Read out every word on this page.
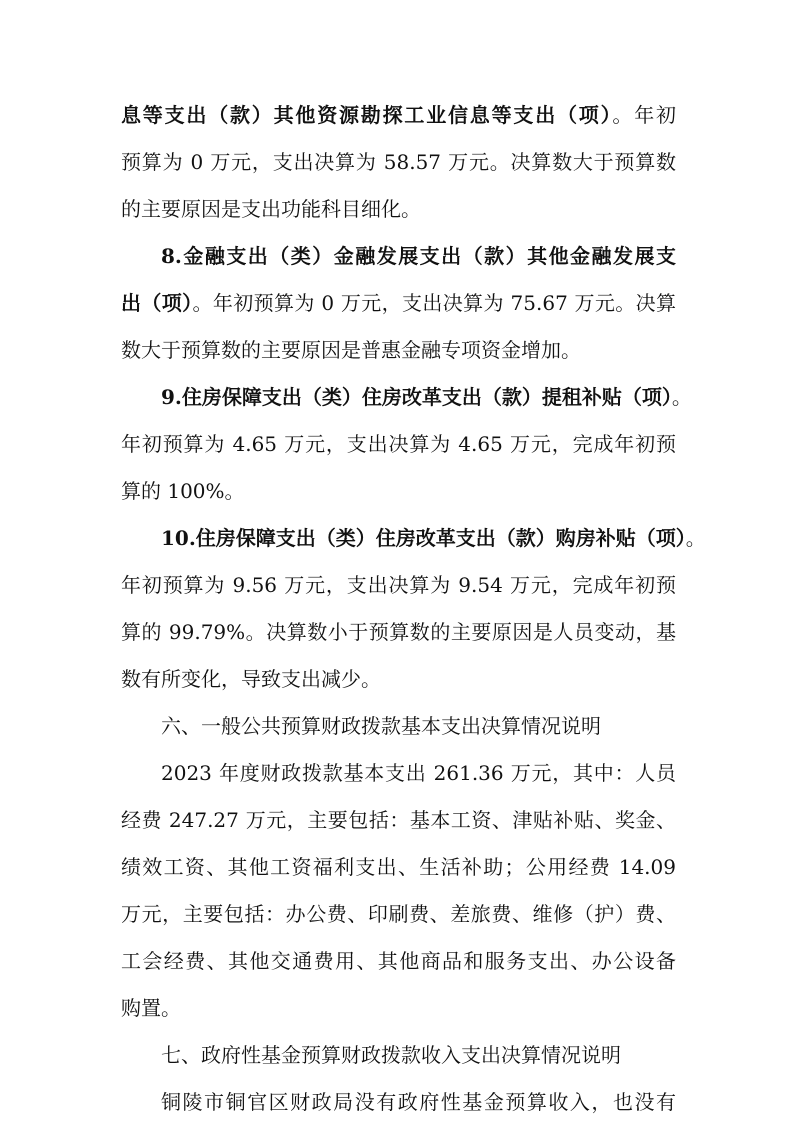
息等支出（款）其他资源勘探工业信息等支出（项）。年初
预算为 0 万元，支出决算为 58.57 万元。决算数大于预算数
的主要原因是支出功能科目细化。
8.金融支出（类）金融发展支出（款）其他金融发展支
出（项）。年初预算为 0 万元，支出决算为 75.67 万元。决算
数大于预算数的主要原因是普惠金融专项资金增加。
9.住房保障支出（类）住房改革支出（款）提租补贴（项）。
年初预算为 4.65 万元，支出决算为 4.65 万元，完成年初预
算的 100%。
10.住房保障支出（类）住房改革支出（款）购房补贴（项）。
年初预算为 9.56 万元，支出决算为 9.54 万元，完成年初预
算的 99.79%。决算数小于预算数的主要原因是人员变动，基
数有所变化，导致支出减少。
六、一般公共预算财政拨款基本支出决算情况说明
2023 年度财政拨款基本支出 261.36 万元，其中：人员
经费 247.27 万元，主要包括：基本工资、津贴补贴、奖金、
绩效工资、其他工资福利支出、生活补助；公用经费 14.09
万元，主要包括：办公费、印刷费、差旅费、维修（护）费、
工会经费、其他交通费用、其他商品和服务支出、办公设备
购置。
七、政府性基金预算财政拨款收入支出决算情况说明
铜陵市铜官区财政局没有政府性基金预算收入，也没有
